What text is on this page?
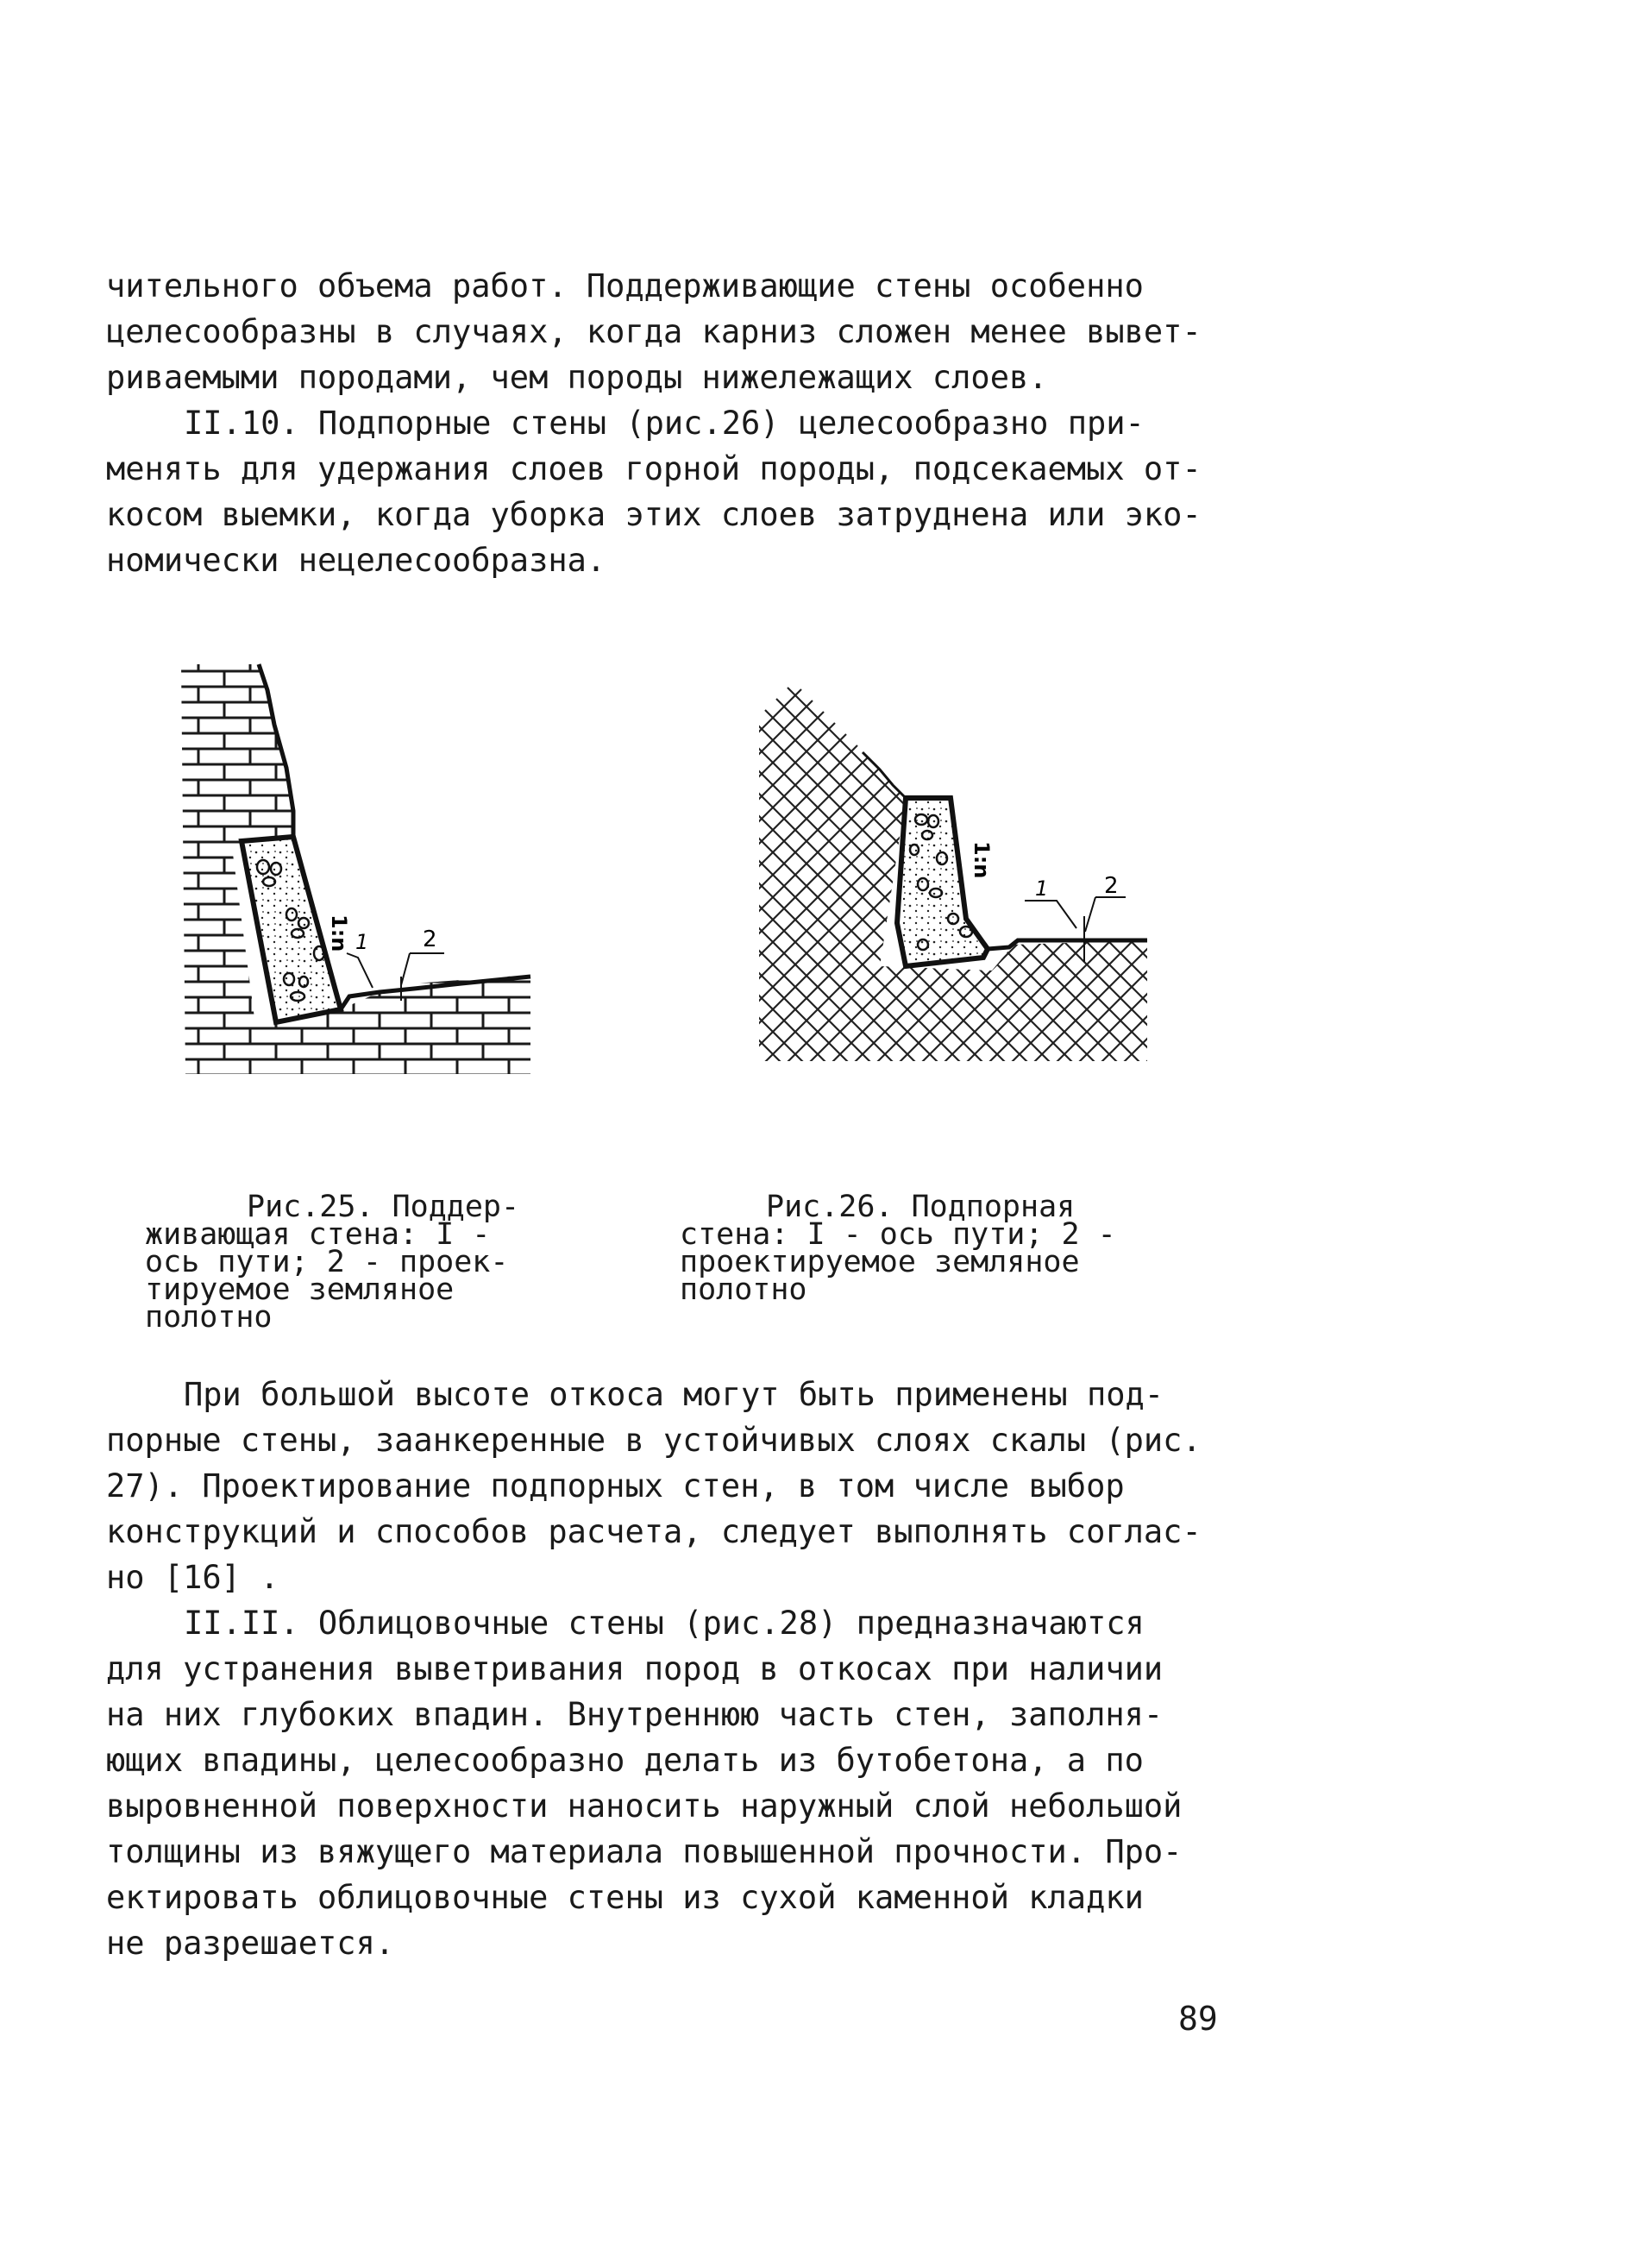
чительного объема работ. Поддерживающие стены особенно
целесообразны в случаях, когда карниз сложен менее вывет-
риваемыми породами, чем породы нижележащих слоев.
II.10. Подпорные стены (рис.26) целесообразно при-
менять для удержания слоев горной породы, подсекаемых от-
косом выемки, когда уборка этих слоев затруднена или эко-
номически нецелесообразна.
1:n 1 2
1:n
1 2
Рис.25. Поддер-
живающая стена: I -
ось пути; 2 - проек-
тируемое земляное
полотно
Рис.26. Подпорная
стена: I - ось пути; 2 -
проектируемое земляное
полотно
При большой высоте откоса могут быть применены под-
порные стены, заанкеренные в устойчивых слоях скалы (рис.
27). Проектирование подпорных стен, в том числе выбор
конструкций и способов расчета, следует выполнять соглас-
но [16] .
II.II. Облицовочные стены (рис.28) предназначаются
для устранения выветривания пород в откосах при наличии
на них глубоких впадин. Внутреннюю часть стен, заполня-
ющих впадины, целесообразно делать из бутобетона, а по
выровненной поверхности наносить наружный слой небольшой
толщины из вяжущего материала повышенной прочности. Про-
ектировать облицовочные стены из сухой каменной кладки
не разрешается.
89
